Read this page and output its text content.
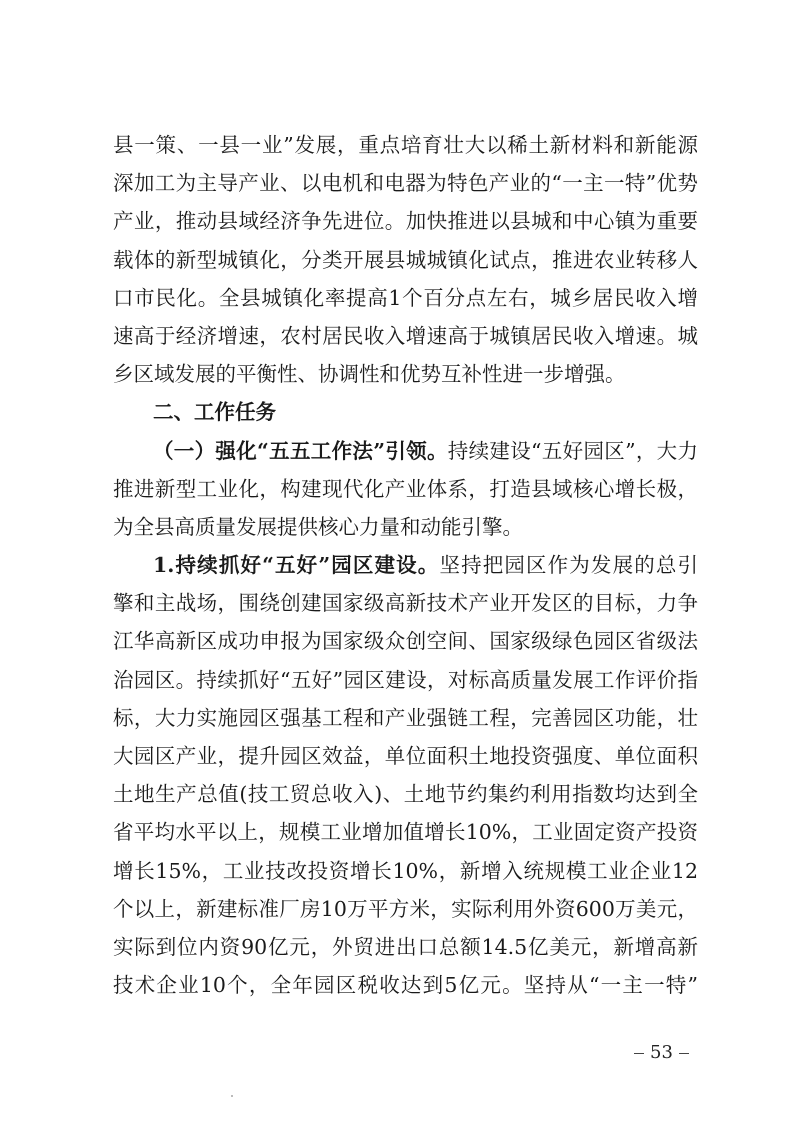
县一策、一县一业”发展，重点培育壮大以稀土新材料和新能源
深加工为主导产业、以电机和电器为特色产业的“一主一特”优势
产业，推动县域经济争先进位。加快推进以县城和中心镇为重要
载体的新型城镇化，分类开展县城城镇化试点，推进农业转移人
口市民化。全县城镇化率提高1个百分点左右，城乡居民收入增
速高于经济增速，农村居民收入增速高于城镇居民收入增速。城
乡区域发展的平衡性、协调性和优势互补性进一步增强。
二、工作任务
（一）强化“五五工作法”引领。持续建设“五好园区”，大力
推进新型工业化，构建现代化产业体系，打造县域核心增长极，
为全县高质量发展提供核心力量和动能引擎。
1.持续抓好“五好”园区建设。坚持把园区作为发展的总引
擎和主战场，围绕创建国家级高新技术产业开发区的目标，力争
江华高新区成功申报为国家级众创空间、国家级绿色园区省级法
治园区。持续抓好“五好”园区建设，对标高质量发展工作评价指
标，大力实施园区强基工程和产业强链工程，完善园区功能，壮
大园区产业，提升园区效益，单位面积土地投资强度、单位面积
土地生产总值(技工贸总收入)、土地节约集约利用指数均达到全
省平均水平以上，规模工业增加值增长10%，工业固定资产投资
增长15%，工业技改投资增长10%，新增入统规模工业企业12
个以上，新建标准厂房10万平方米，实际利用外资600万美元，
实际到位内资90亿元，外贸进出口总额14.5亿美元，新增高新
技术企业10个，全年园区税收达到5亿元。坚持从“一主一特”
53
